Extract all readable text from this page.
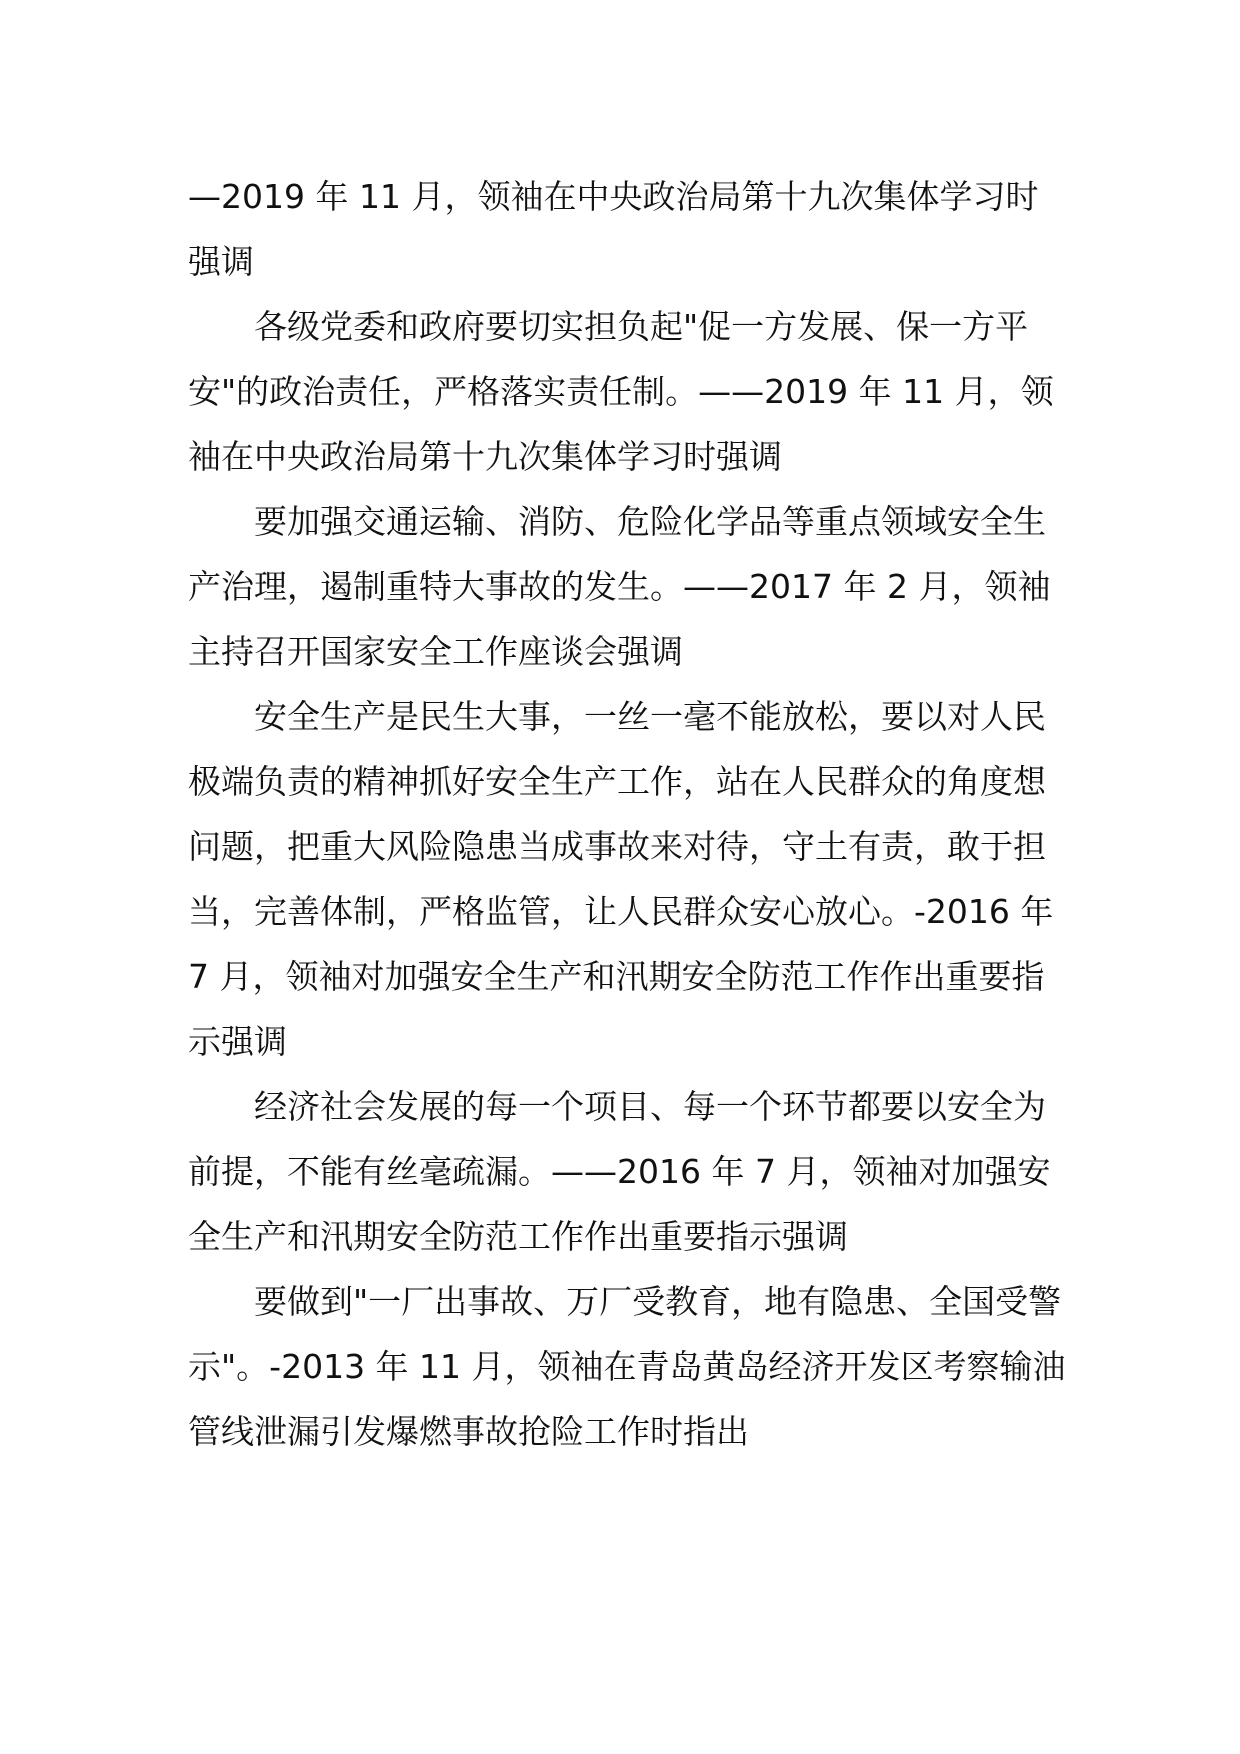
—2019 年 11 月，领袖在中央政治局第十九次集体学习时强调

各级党委和政府要切实担负起"促一方发展、保一方平安"的政治责任，严格落实责任制。——2019 年 11 月，领袖在中央政治局第十九次集体学习时强调

要加强交通运输、消防、危险化学品等重点领域安全生产治理，遏制重特大事故的发生。——2017 年 2 月，领袖主持召开国家安全工作座谈会强调

安全生产是民生大事，一丝一毫不能放松，要以对人民极端负责的精神抓好安全生产工作，站在人民群众的角度想问题，把重大风险隐患当成事故来对待，守土有责，敢于担当，完善体制，严格监管，让人民群众安心放心。-2016 年 7 月，领袖对加强安全生产和汛期安全防范工作作出重要指示强调

经济社会发展的每一个项目、每一个环节都要以安全为前提，不能有丝毫疏漏。——2016 年 7 月，领袖对加强安全生产和汛期安全防范工作作出重要指示强调

要做到"一厂出事故、万厂受教育，地有隐患、全国受警示"。-2013 年 11 月，领袖在青岛黄岛经济开发区考察输油管线泄漏引发爆燃事故抢险工作时指出
